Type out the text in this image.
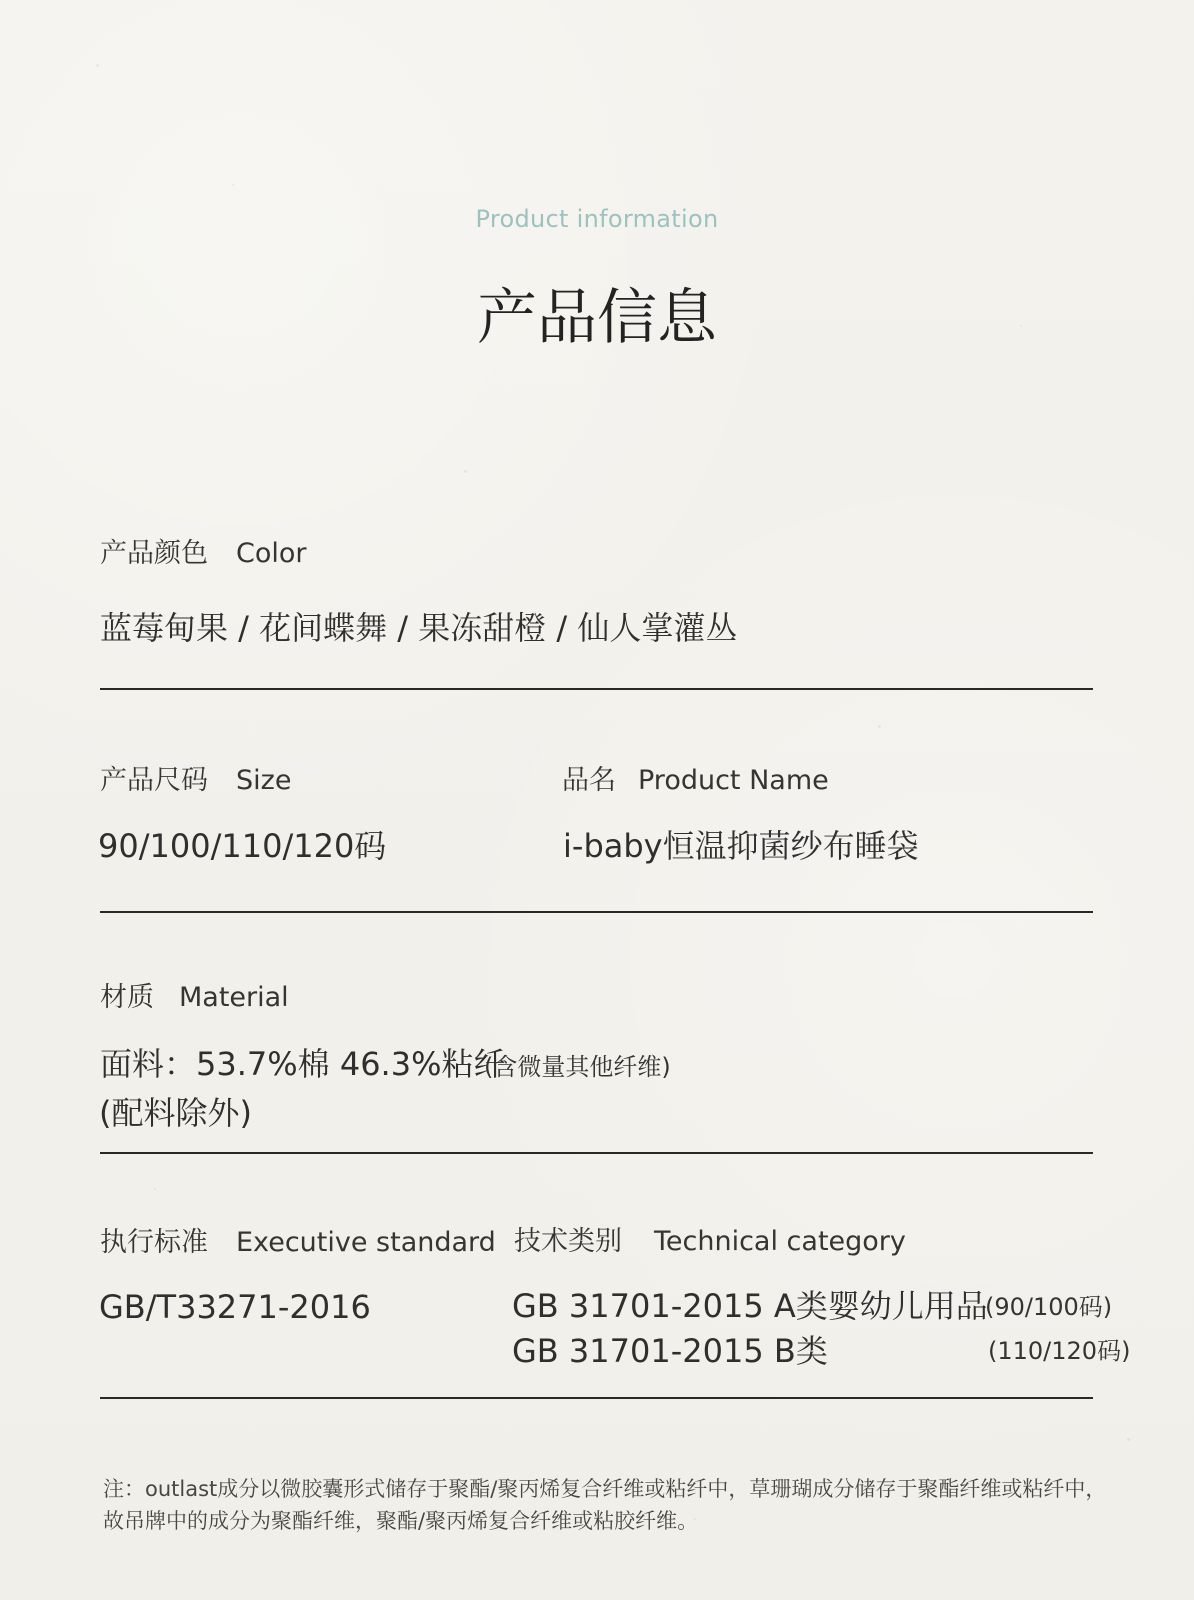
Product information
产品信息
产品颜色 Color
蓝莓甸果 / 花间蝶舞 / 果冻甜橙 / 仙人掌灌丛
产品尺码 Size
90/100/110/120码
品名 Product Name
i-baby恒温抑菌纱布睡袋
材质 Material
面料：53.7%棉 46.3%粘纤
(含微量其他纤维)
(配料除外)
执行标准 Executive standard
GB/T33271-2016
技术类别 Technical category
GB 31701-2015 A类婴幼儿用品
(90/100码)
GB 31701-2015 B类	(110/120码)
注：outlast成分以微胶囊形式储存于聚酯/聚丙烯复合纤维或粘纤中，草珊瑚成分储存于聚酯纤维或粘纤中，故吊牌中的成分为聚酯纤维，聚酯/聚丙烯复合纤维或粘胶纤维。
